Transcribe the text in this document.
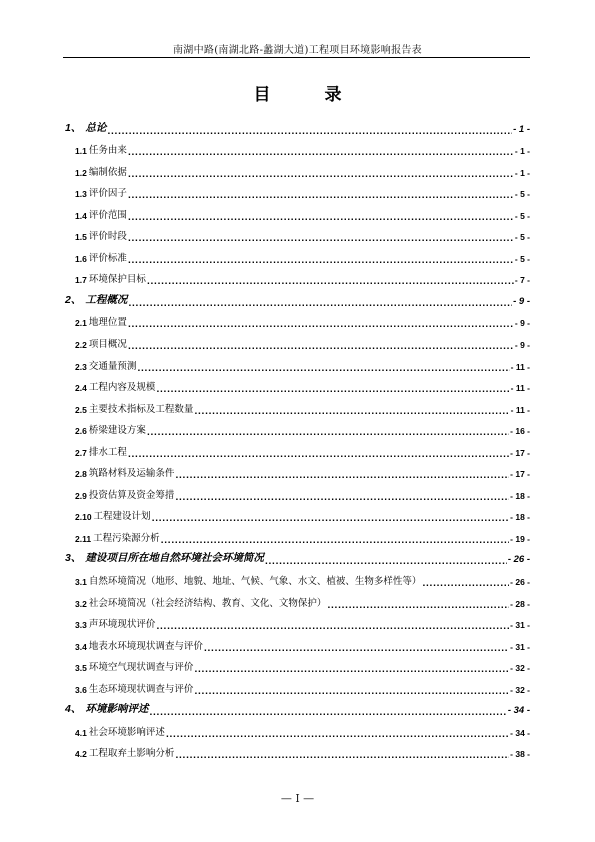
南湖中路(南湖北路-蠡湖大道)工程项目环境影响报告表
目 录
1、 总论 .....	- 1 -
1.1 任务由来 .....	- 1 -
1.2 编制依据 .....	- 1 -
1.3 评价因子 .....	- 5 -
1.4 评价范围 .....	- 5 -
1.5 评价时段 .....	- 5 -
1.6 评价标准 .....	- 5 -
1.7 环境保护目标 .....	- 7 -
2、 工程概况 .....	- 9 -
2.1 地理位置 .....	- 9 -
2.2 项目概况 .....	- 9 -
2.3 交通量预测 .....	- 11 -
2.4 工程内容及规模 .....	- 11 -
2.5 主要技术指标及工程数量 .....	- 11 -
2.6 桥梁建设方案 .....	- 16 -
2.7 排水工程 .....	- 17 -
2.8 筑路材料及运输条件 .....	- 17 -
2.9 投资估算及资金筹措 .....	- 18 -
2.10 工程建设计划 .....	- 18 -
2.11 工程污染源分析 .....	- 19 -
3、 建设项目所在地自然环境社会环境简况 .....	- 26 -
3.1 自然环境简况（地形、地貌、地址、气候、气象、水文、植被、生物多样性等） .....	- 26 -
3.2 社会环境简况（社会经济结构、教育、文化、文物保护） .....	- 28 -
3.3 声环境现状评价 .....	- 31 -
3.4 地表水环境现状调查与评价 .....	- 31 -
3.5 环境空气现状调查与评价 .....	- 32 -
3.6 生态环境现状调查与评价 .....	- 32 -
4、 环境影响评述 .....	- 34 -
4.1 社会环境影响评述 .....	- 34 -
4.2 工程取弃土影响分析 .....	- 38 -
— I —
